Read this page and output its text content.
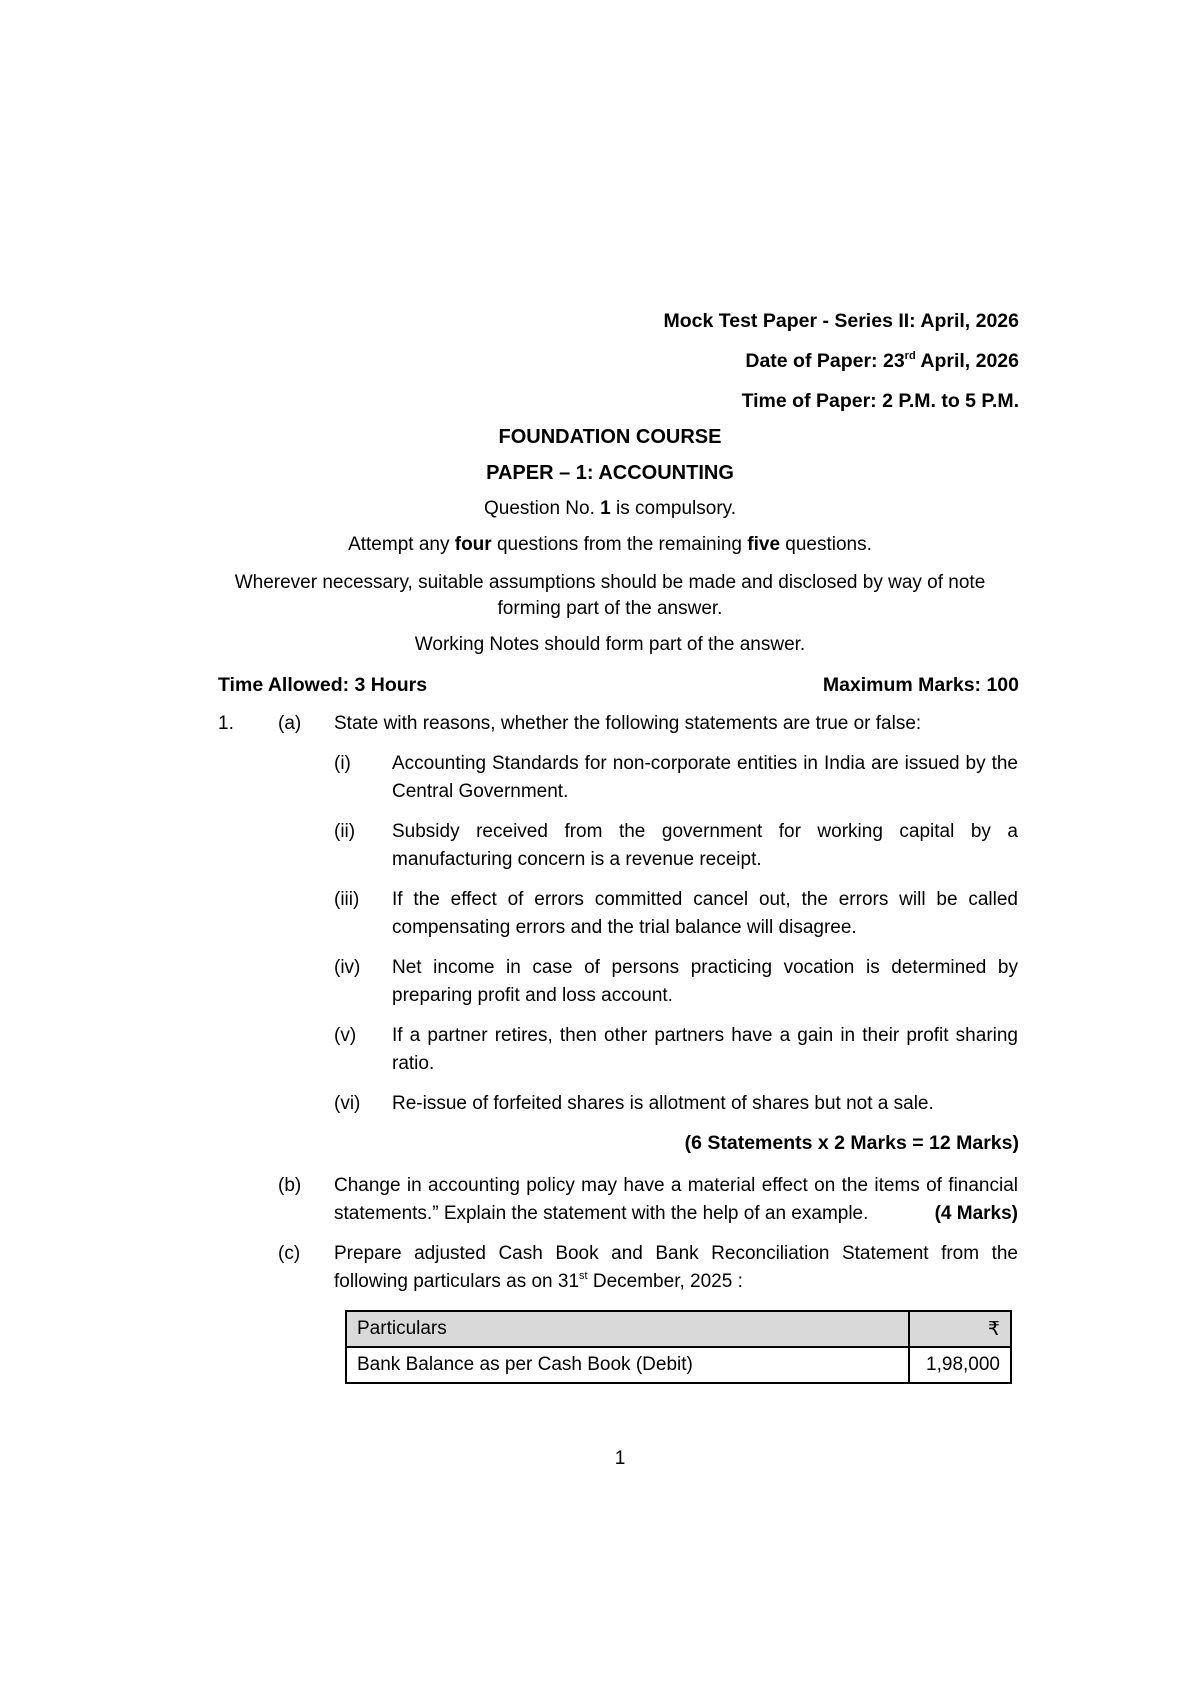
Mock Test Paper - Series II: April, 2026
Date of Paper: 23rd April, 2026
Time of Paper: 2 P.M. to 5 P.M.
FOUNDATION COURSE
PAPER – 1: ACCOUNTING
Question No. 1 is compulsory.
Attempt any four questions from the remaining five questions.
Wherever necessary, suitable assumptions should be made and disclosed by way of note forming part of the answer.
Working Notes should form part of the answer.
Time Allowed: 3 Hours	Maximum Marks: 100
1. (a) State with reasons, whether the following statements are true or false:
(i) Accounting Standards for non-corporate entities in India are issued by the Central Government.
(ii) Subsidy received from the government for working capital by a manufacturing concern is a revenue receipt.
(iii) If the effect of errors committed cancel out, the errors will be called compensating errors and the trial balance will disagree.
(iv) Net income in case of persons practicing vocation is determined by preparing profit and loss account.
(v) If a partner retires, then other partners have a gain in their profit sharing ratio.
(vi) Re-issue of forfeited shares is allotment of shares but not a sale.
(6 Statements x 2 Marks = 12 Marks)
(b) Change in accounting policy may have a material effect on the items of financial
statements.” Explain the statement with the help of an example.	(4 Marks)
(c) Prepare adjusted Cash Book and Bank Reconciliation Statement from the
following particulars as on 31st December, 2025 :
Particulars	₹
Bank Balance as per Cash Book (Debit)	1,98,000
1
